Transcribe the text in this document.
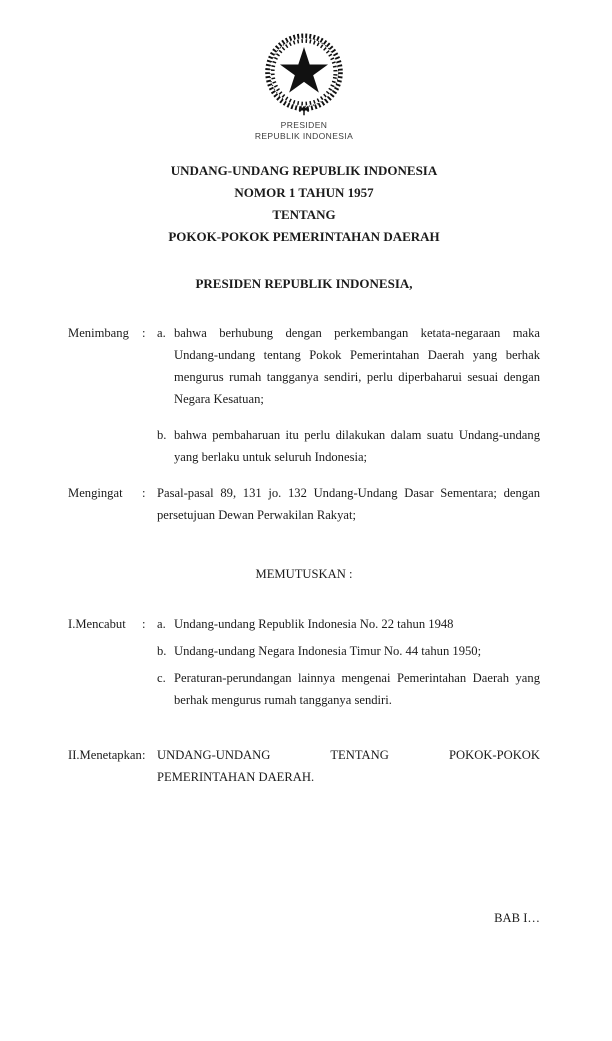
PRESIDEN
REPUBLIK INDONESIA
UNDANG-UNDANG REPUBLIK INDONESIA
NOMOR 1 TAHUN 1957
TENTANG
POKOK-POKOK PEMERINTAHAN DAERAH
PRESIDEN REPUBLIK INDONESIA,
Menimbang	: a. bahwa berhubung dengan perkembangan ketata-negaraan maka Undang-undang tentang Pokok Pemerintahan Daerah yang berhak mengurus rumah tangganya sendiri, perlu diperbaharui sesuai dengan Negara Kesatuan;
b. bahwa pembaharuan itu perlu dilakukan dalam suatu Undang-undang yang berlaku untuk seluruh Indonesia;
Mengingat	: Pasal-pasal 89, 131 jo. 132 Undang-Undang Dasar Sementara; dengan persetujuan Dewan Perwakilan Rakyat;
MEMUTUSKAN :
I.Mencabut	: a. Undang-undang Republik Indonesia No. 22 tahun 1948
b. Undang-undang Negara Indonesia Timur No. 44 tahun 1950;
c. Peraturan-perundangan lainnya mengenai Pemerintahan Daerah yang berhak mengurus rumah tangganya sendiri.
II.Menetapkan : UNDANG-UNDANG TENTANG POKOK-POKOK
PEMERINTAHAN DAERAH.
BAB I…
